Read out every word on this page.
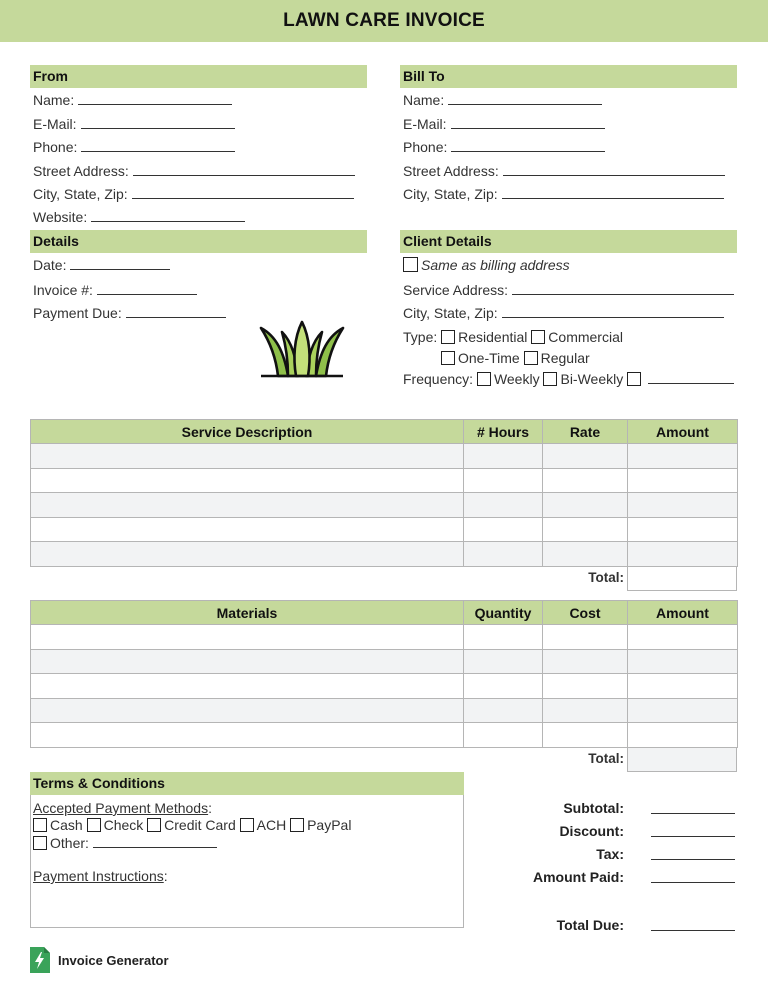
LAWN CARE INVOICE
From
Name:
E-Mail:
Phone:
Street Address:
City, State, Zip:
Website:
Bill To
Name:
E-Mail:
Phone:
Street Address:
City, State, Zip:
Details
Date:
Invoice #:
Payment Due:
Client Details
Same as billing address
Service Address:
City, State, Zip:
Type: Residential Commercial
One-Time Regular
Frequency: Weekly Bi-Weekly
Service Description	# Hours	Rate	Amount

Total:
Materials	Quantity	Cost	Amount

Total:
Terms & Conditions
Accepted Payment Methods:
Cash Check Credit Card ACH PayPal
Other:
Payment Instructions:
Subtotal:
Discount:
Tax:
Amount Paid:
Total Due:
Invoice Generator
